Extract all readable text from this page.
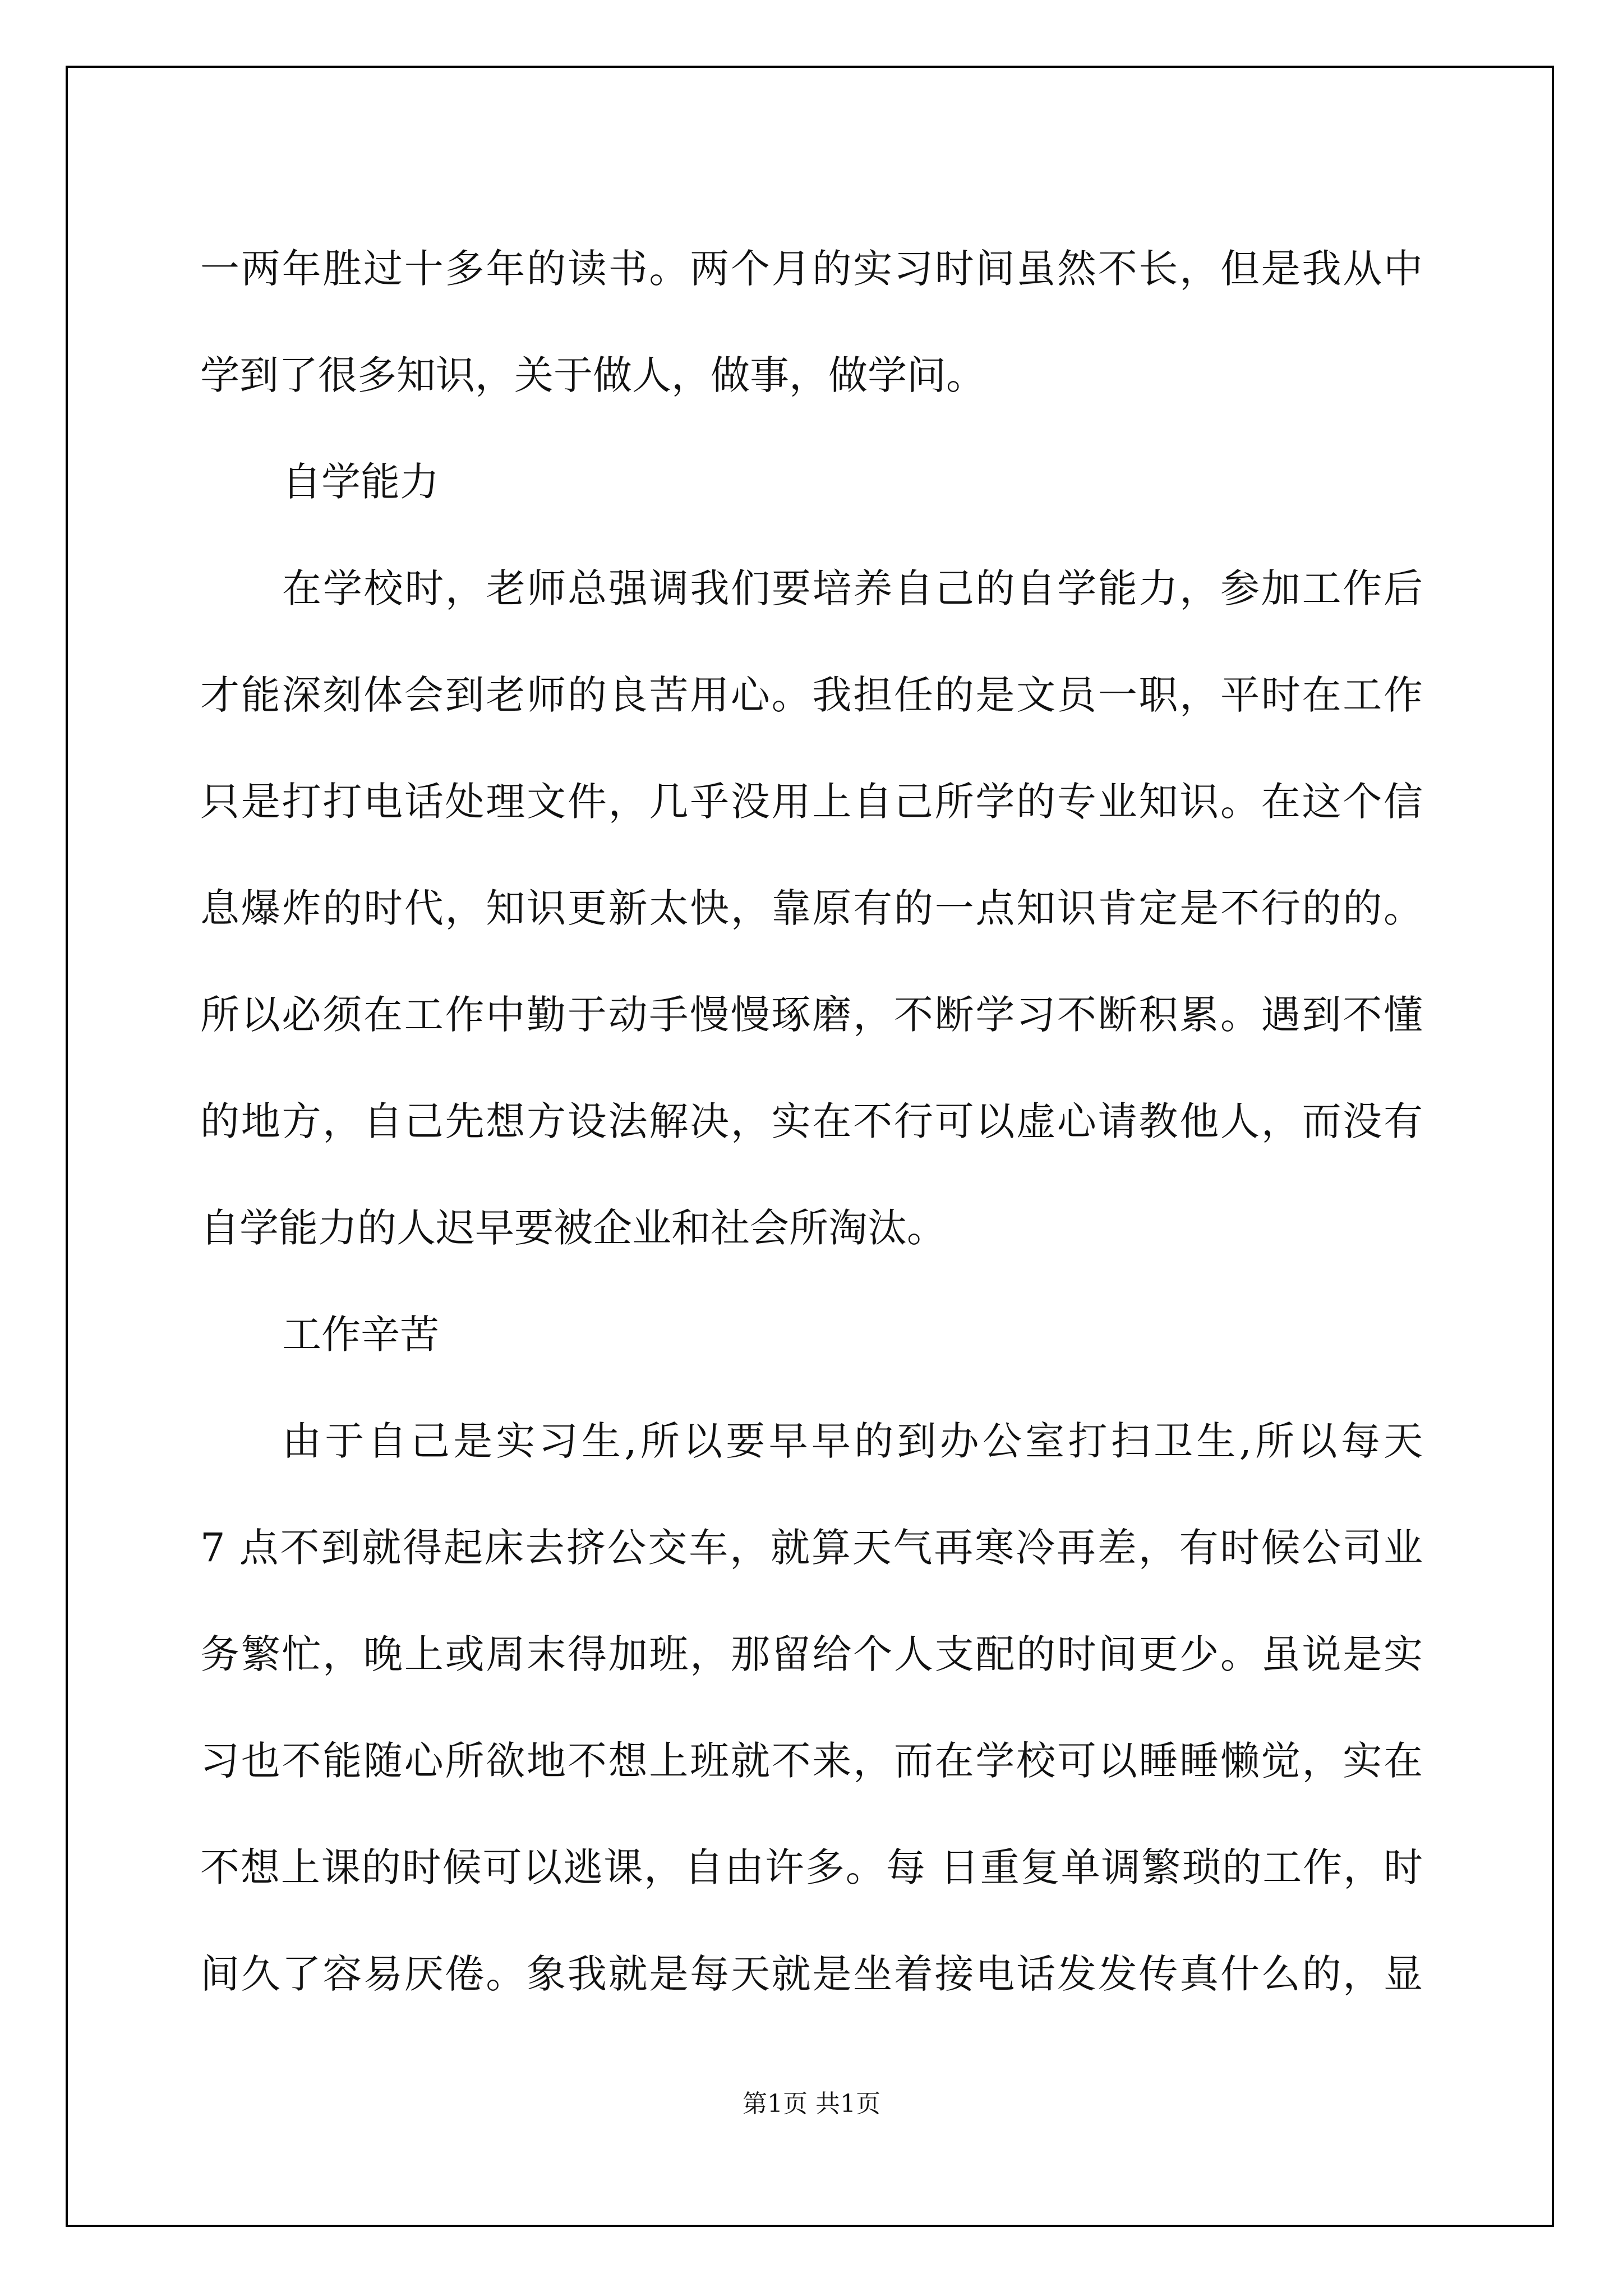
一两年胜过十多年的读书。两个月的实习时间虽然不长，但是我从中
学到了很多知识，关于做人，做事，做学问。
自学能力
在学校时，老师总强调我们要培养自己的自学能力，参加工作后
才能深刻体会到老师的良苦用心。我担任的是文员一职，平时在工作
只是打打电话处理文件，几乎没用上自己所学的专业知识。在这个信
息爆炸的时代，知识更新太快，靠原有的一点知识肯定是不行的的。
所以必须在工作中勤于动手慢慢琢磨，不断学习不断积累。遇到不懂
的地方，自己先想方设法解决，实在不行可以虚心请教他人，而没有
自学能力的人迟早要被企业和社会所淘汰。
工作辛苦
由于自己是实习生,所以要早早的到办公室打扫卫生,所以每天
7 点不到就得起床去挤公交车，就算天气再寒冷再差，有时候公司业
务繁忙，晚上或周末得加班，那留给个人支配的时间更少。虽说是实
习也不能随心所欲地不想上班就不来，而在学校可以睡睡懒觉，实在
不想上课的时候可以逃课，自由许多。每 日重复单调繁琐的工作，时
间久了容易厌倦。象我就是每天就是坐着接电话发发传真什么的，显
第1页 共1页
